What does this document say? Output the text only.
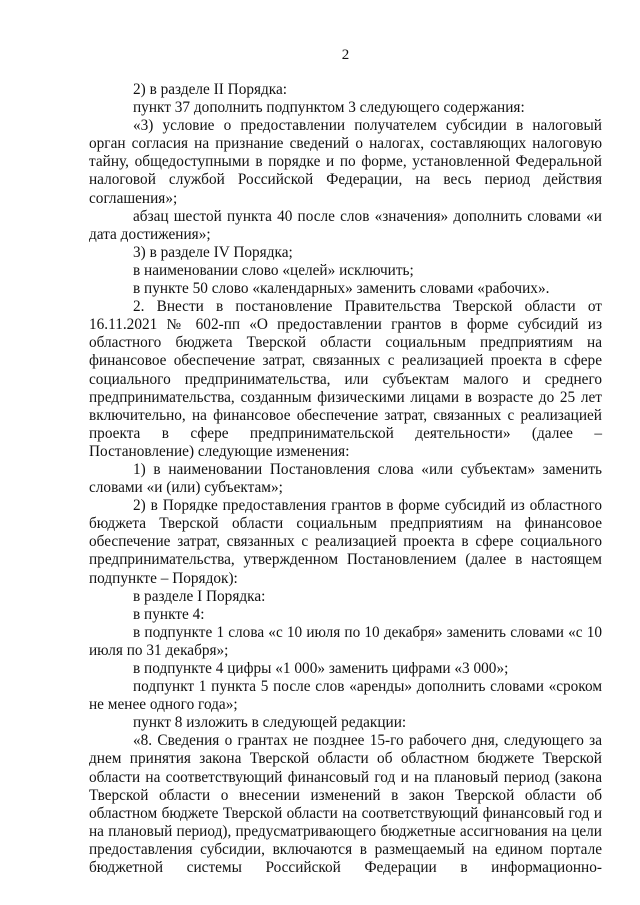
2

2) в разделе II Порядка:

пункт 37 дополнить подпунктом 3 следующего содержания:

«3) условие о предоставлении получателем субсидии в налоговый орган согласия на признание сведений о налогах, составляющих налоговую тайну, общедоступными в порядке и по форме, установленной Федеральной налоговой службой Российской Федерации, на весь период действия соглашения»;

абзац шестой пункта 40 после слов «значения» дополнить словами «и дата достижения»;

3) в разделе IV Порядка;

в наименовании слово «целей» исключить;

в пункте 50 слово «календарных» заменить словами «рабочих».

2. Внести в постановление Правительства Тверской области от 16.11.2021 № 602-пп «О предоставлении грантов в форме субсидий из областного бюджета Тверской области социальным предприятиям на финансовое обеспечение затрат, связанных с реализацией проекта в сфере социального предпринимательства, или субъектам малого и среднего предпринимательства, созданным физическими лицами в возрасте до 25 лет включительно, на финансовое обеспечение затрат, связанных с реализацией проекта в сфере предпринимательской деятельности» (далее – Постановление) следующие изменения:

1) в наименовании Постановления слова «или субъектам» заменить словами «и (или) субъектам»;

2) в Порядке предоставления грантов в форме субсидий из областного бюджета Тверской области социальным предприятиям на финансовое обеспечение затрат, связанных с реализацией проекта в сфере социального предпринимательства, утвержденном Постановлением (далее в настоящем подпункте – Порядок):

в разделе I Порядка:

в пункте 4:

в подпункте 1 слова «с 10 июля по 10 декабря» заменить словами «с 10 июля по 31 декабря»;

в подпункте 4 цифры «1 000» заменить цифрами «3 000»;

подпункт 1 пункта 5 после слов «аренды» дополнить словами «сроком не менее одного года»;

пункт 8 изложить в следующей редакции:

«8. Сведения о грантах не позднее 15-го рабочего дня, следующего за днем принятия закона Тверской области об областном бюджете Тверской области на соответствующий финансовый год и на плановый период (закона Тверской области о внесении изменений в закон Тверской области об областном бюджете Тверской области на соответствующий финансовый год и на плановый период), предусматривающего бюджетные ассигнования на цели предоставления субсидии, включаются в размещаемый на едином портале бюджетной системы Российской Федерации в информационно-
